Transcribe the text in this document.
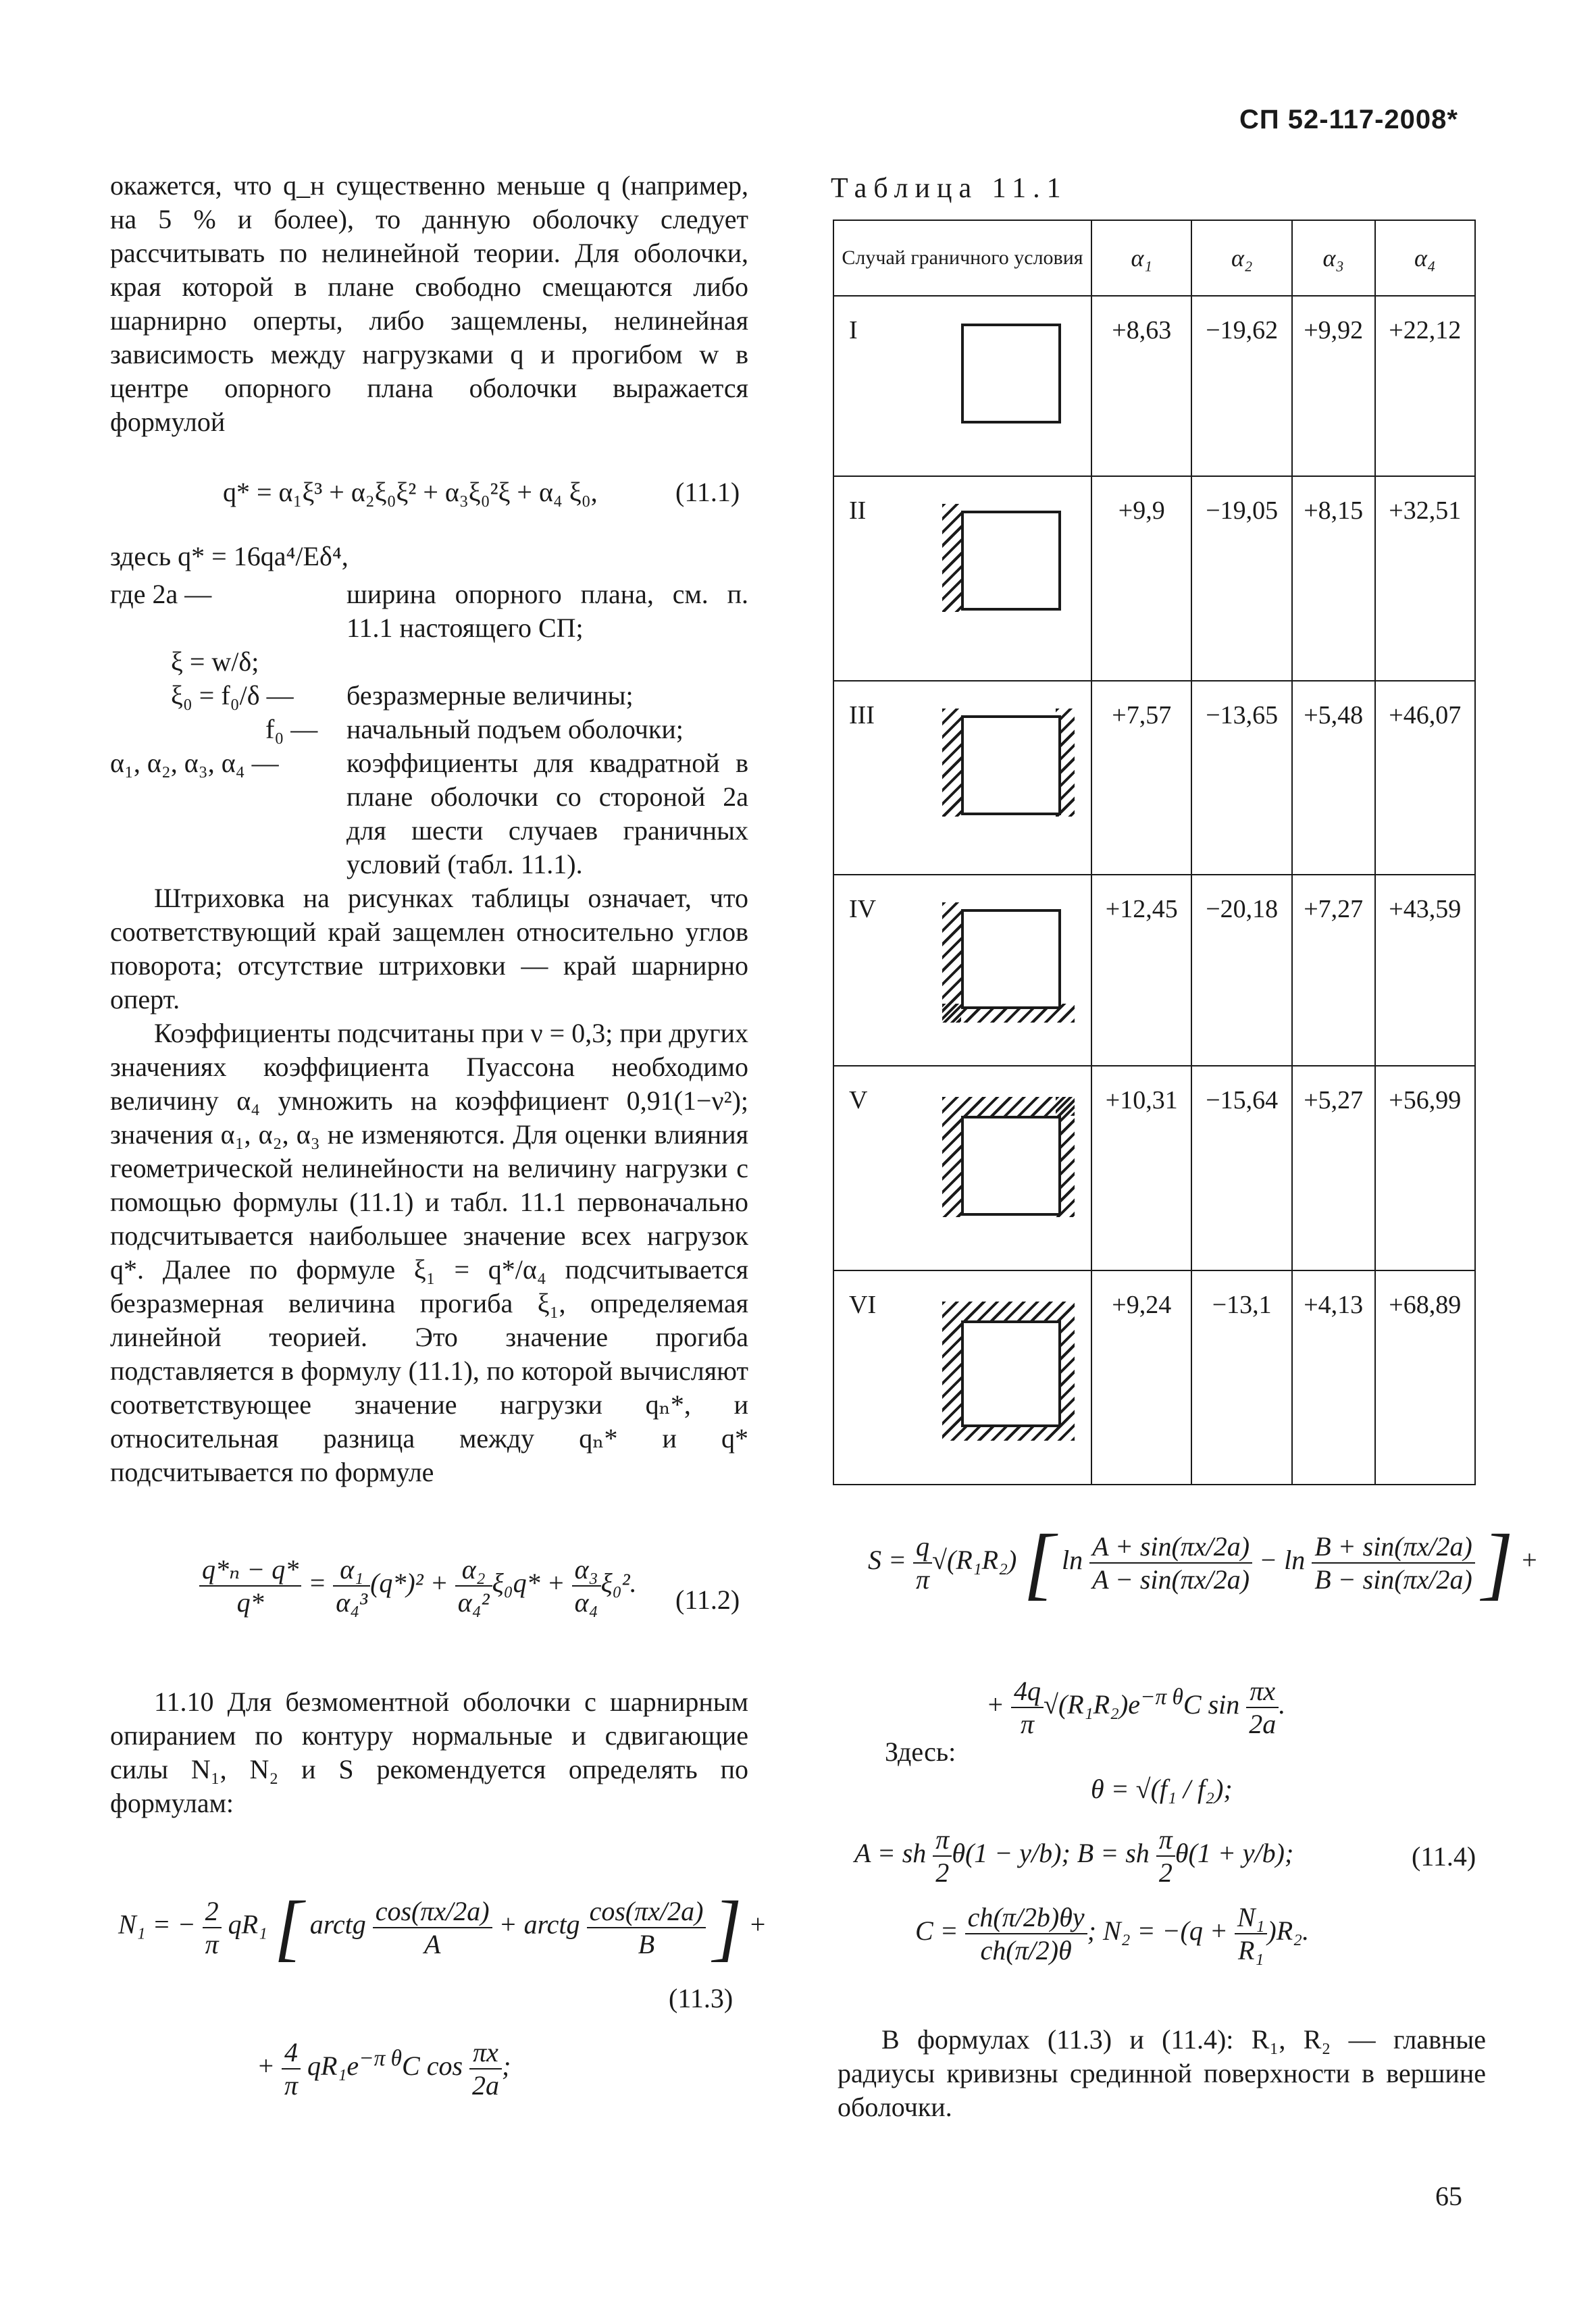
СП 52-117-2008*

окажется, что q_н существенно меньше q (например, на 5 % и более), то данную оболочку следует рассчитывать по нелинейной теории. Для оболочки, края которой в плане свободно смещаются либо шарнирно оперты, либо защемлены, нелинейная зависимость между нагрузками q и прогибом w в центре опорного плана оболочки выражается формулой

q* = α₁ξ³ + α₂ξ₀ξ² + α₃ξ₀²ξ + α₄ ξ₀,	(11.1)
здесь q* = 16qa⁴/Eδ⁴,
где 2a —	ширина опорного плана, см. п. 11.1 настоящего СП;
ξ = w/δ;
ξ₀ = f₀/δ — безразмерные величины;
f₀ — начальный подъем оболочки;
α₁, α₂, α₃, α₄ —	коэффициенты для квадратной в плане оболочки со стороной 2a для шести случаев граничных условий (табл. 11.1).

Штриховка на рисунках таблицы означает, что соответствующий край защемлен относительно углов поворота; отсутствие штриховки — край шарнирно оперт.

Коэффициенты подсчитаны при ν = 0,3; при других значениях коэффициента Пуассона необходимо величину α₄ умножить на коэффициент 0,91(1−ν²); значения α₁, α₂, α₃ не изменяются. Для оценки влияния геометрической нелинейности на величину нагрузки с помощью формулы (11.1) и табл. 11.1 первоначально подсчитывается наибольшее значение всех нагрузок q*. Далее по формуле ξ₁ = q*/α₄ подсчитывается безразмерная величина прогиба ξ₁, определяемая линейной теорией. Это значение прогиба подставляется в формулу (11.1), по которой вычисляют соответствующее значение нагрузки qₙ*, и относительная разница между qₙ* и q* подсчитывается по формуле

$\frac{\text{q*ₙ − q*}}{q*} = \frac{\text{α₁}}{\text{α₄³}} (q*)^2 + \frac{\text{α₂}}{\text{α₄²}} \xi_0q* + \frac{\text{α₃}}{\text{α₄}} \xi_0^2$.
(11.2)

11.10 Для безмоментной оболочки с шарнирным опиранием по контуру нормальные и сдвигающие силы N₁, N₂ и S рекомендуется определять по формулам:

N₁ = − $\frac{2}{\pi} qR_1$ [ arctg $\frac{\cos(\pi x/2a)}{A}$ + arctg $\frac{\cos(\pi x/2a)}{B}$ ] +
+ $\frac{4}{\pi} qR_1e^{-\pi \theta}C$ $\cos \frac{\pi x}{2a}$ ;
(11.3)
Таблица 11.1
Случай граничного условия	α₁	α₂	α₃	α₄

I	+8,63	−19,62	+9,92	+22,12

II	+9,9	−19,05	+8,15	+32,51

III	+7,57	−13,65	+5,48	+46,07

IV	+12,45	−20,18	+7,27	+43,59

V	+10,31	−15,64	+5,27	+56,99

VI	+9,24	−13,1	+4,13	+68,89
$S = \frac{q}{\pi} √(R_1R_2)$ [ $\ln \frac{A + \sin(\pi x/2a)}{A - \sin(\pi x/2a)} - \ln \frac{B + \sin(\pi x/2a)}{B - \sin(\pi x/2a)}$ ] +
+ $\frac{4q}{\pi} √(R_1R_2)e^{-\pi \theta}C$ $\sin \frac{\pi x}{2a}$ .
Здесь:
θ = √(f₁ / f₂);
A = sh $\frac{\pi}{2} \theta(1 - y/b)$; B = sh $\frac{\pi}{2} \theta(1 + y/b)$;	(11.4)
$C = \frac{ch(\pi/2b)\theta y}{ch(\pi/2)\theta}$ ; $N_2 = -(q + \frac{\text{N₁}}{\text{R₁}} )R_2$.

В формулах (11.3) и (11.4): R₁, R₂ — главные радиусы кривизны срединной поверхности в вершине оболочки.

65
